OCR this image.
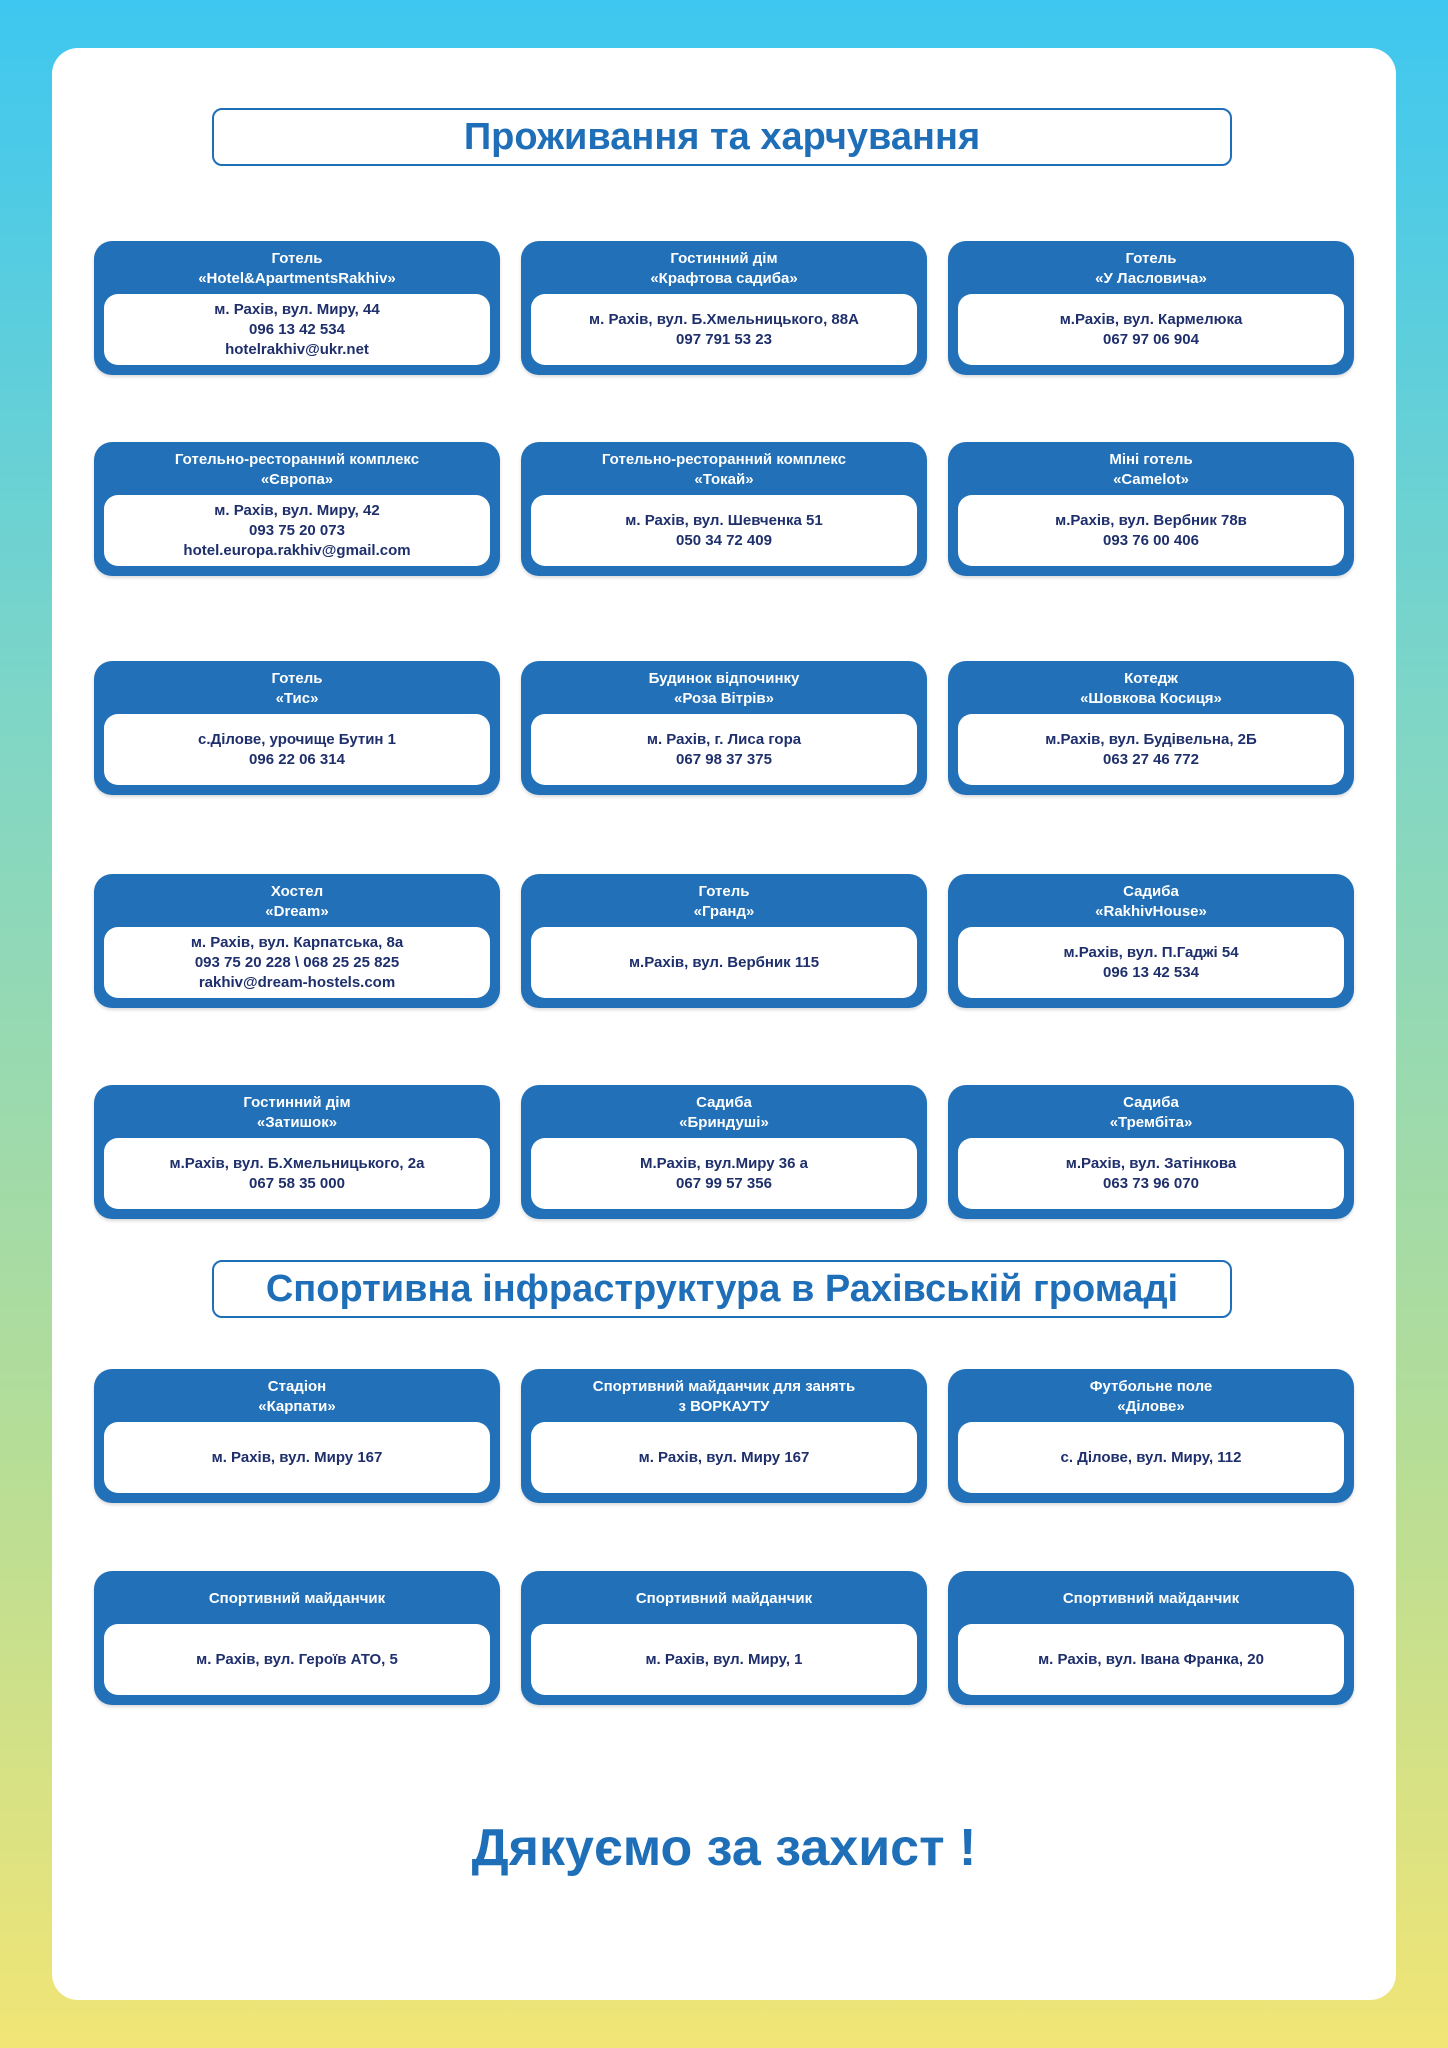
Проживання та харчування
Готель
«Hotel&ApartmentsRakhiv»
м. Рахів, вул. Миру, 44
096 13 42 534
hotelrakhiv@ukr.net
Гостинний дім
«Крафтова садиба»
м. Рахів, вул. Б.Хмельницького, 88А
097 791 53 23
Готель
«У Ласловича»
м.Рахів, вул. Кармелюка
067 97 06 904
Готельно-ресторанний комплекс
«Європа»
м. Рахів, вул. Миру, 42
093 75 20 073
hotel.europa.rakhiv@gmail.com
Готельно-ресторанний комплекс
«Токай»
м. Рахів, вул. Шевченка 51
050 34 72 409
Міні готель
«Camelot»
м.Рахів, вул. Вербник 78в
093 76 00 406
Готель
«Тис»
с.Ділове, урочище Бутин 1
096 22 06 314
Будинок відпочинку
«Роза Вітрів»
м. Рахів, г. Лиса гора
067 98 37 375
Котедж
«Шовкова Косиця»
м.Рахів, вул. Будівельна, 2Б
063 27 46 772
Хостел
«Dream»
м. Рахів, вул. Карпатська, 8а
093 75 20 228 \ 068 25 25 825
rakhiv@dream-hostels.com
Готель
«Гранд»
м.Рахів, вул. Вербник 115
Садиба
«RakhivHouse»
м.Рахів, вул. П.Гаджі 54
096 13 42 534
Гостинний дім
«Затишок»
м.Рахів, вул. Б.Хмельницького, 2а
067 58 35 000
Садиба
«Бриндуші»
М.Рахів, вул.Миру 36 а
067 99 57 356
Садиба
«Трембіта»
м.Рахів, вул. Затінкова
063 73 96 070
Спортивна інфраструктура в Рахівській громаді
Стадіон
«Карпати»
м. Рахів, вул. Миру 167
Спортивний майданчик для занять
з ВОРКАУТУ
м. Рахів, вул. Миру 167
Футбольне поле
«Ділове»
с. Ділове, вул. Миру, 112
Спортивний майданчик
м. Рахів, вул. Героїв АТО, 5
Спортивний майданчик
м. Рахів, вул. Миру, 1
Спортивний майданчик
м. Рахів, вул. Івана Франка, 20
Дякуємо за захист !
